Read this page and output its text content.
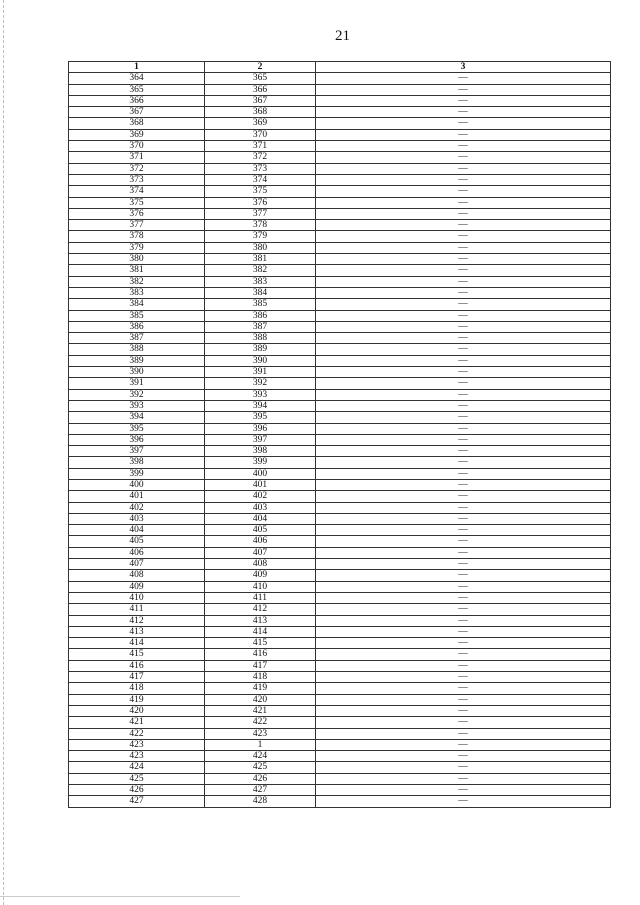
21
1	2	3
364	365	—
365	366	—
366	367	—
367	368	—
368	369	—
369	370	—
370	371	—
371	372	—
372	373	—
373	374	—
374	375	—
375	376	—
376	377	—
377	378	—
378	379	—
379	380	—
380	381	—
381	382	—
382	383	—
383	384	—
384	385	—
385	386	—
386	387	—
387	388	—
388	389	—
389	390	—
390	391	—
391	392	—
392	393	—
393	394	—
394	395	—
395	396	—
396	397	—
397	398	—
398	399	—
399	400	—
400	401	—
401	402	—
402	403	—
403	404	—
404	405	—
405	406	—
406	407	—
407	408	—
408	409	—
409	410	—
410	411	—
411	412	—
412	413	—
413	414	—
414	415	—
415	416	—
416	417	—
417	418	—
418	419	—
419	420	—
420	421	—
421	422	—
422	423	—
423	1	—
423	424	—
424	425	—
425	426	—
426	427	—
427	428	—
